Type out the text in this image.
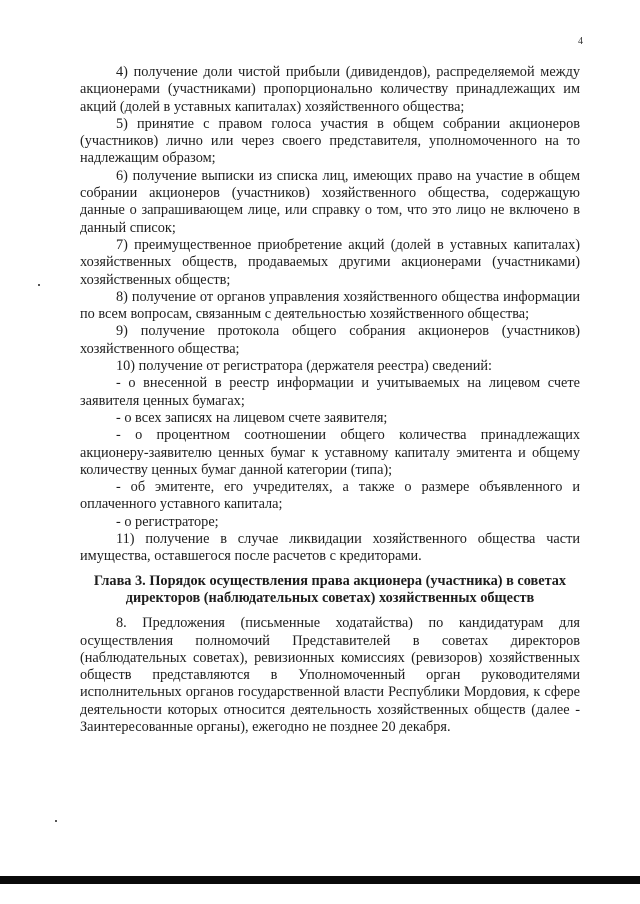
4

4) получение доли чистой прибыли (дивидендов), распределяемой между акционерами (участниками) пропорционально количеству принадлежащих им акций (долей в уставных капиталах) хозяйственного общества;

5) принятие с правом голоса участия в общем собрании акционеров (участников) лично или через своего представителя, уполномоченного на то надлежащим образом;

6) получение выписки из списка лиц, имеющих право на участие в общем собрании акционеров (участников) хозяйственного общества, содержащую данные о запрашивающем лице, или справку о том, что это лицо не включено в данный список;

7) преимущественное приобретение акций (долей в уставных капиталах) хозяйственных обществ, продаваемых другими акционерами (участниками) хозяйственных обществ;

8) получение от органов управления хозяйственного общества информации по всем вопросам, связанным с деятельностью хозяйственного общества;

9) получение протокола общего собрания акционеров (участников) хозяйственного общества;

10) получение от регистратора (держателя реестра) сведений:

- о внесенной в реестр информации и учитываемых на лицевом счете заявителя ценных бумагах;

- о всех записях на лицевом счете заявителя;

- о процентном соотношении общего количества принадлежащих акционеру-заявителю ценных бумаг к уставному капиталу эмитента и общему количеству ценных бумаг данной категории (типа);

- об эмитенте, его учредителях, а также о размере объявленного и оплаченного уставного капитала;

- о регистраторе;

11) получение в случае ликвидации хозяйственного общества части имущества, оставшегося после расчетов с кредиторами.

Глава 3. Порядок осуществления права акционера (участника) в советах директоров (наблюдательных советах) хозяйственных обществ

8. Предложения (письменные ходатайства) по кандидатурам для осуществления полномочий Представителей в советах директоров (наблюдательных советах), ревизионных комиссиях (ревизоров) хозяйственных обществ представляются в Уполномоченный орган руководителями исполнительных органов государственной власти Республики Мордовия, к сфере деятельности которых относится деятельность хозяйственных обществ (далее - Заинтересованные органы), ежегодно не позднее 20 декабря.
